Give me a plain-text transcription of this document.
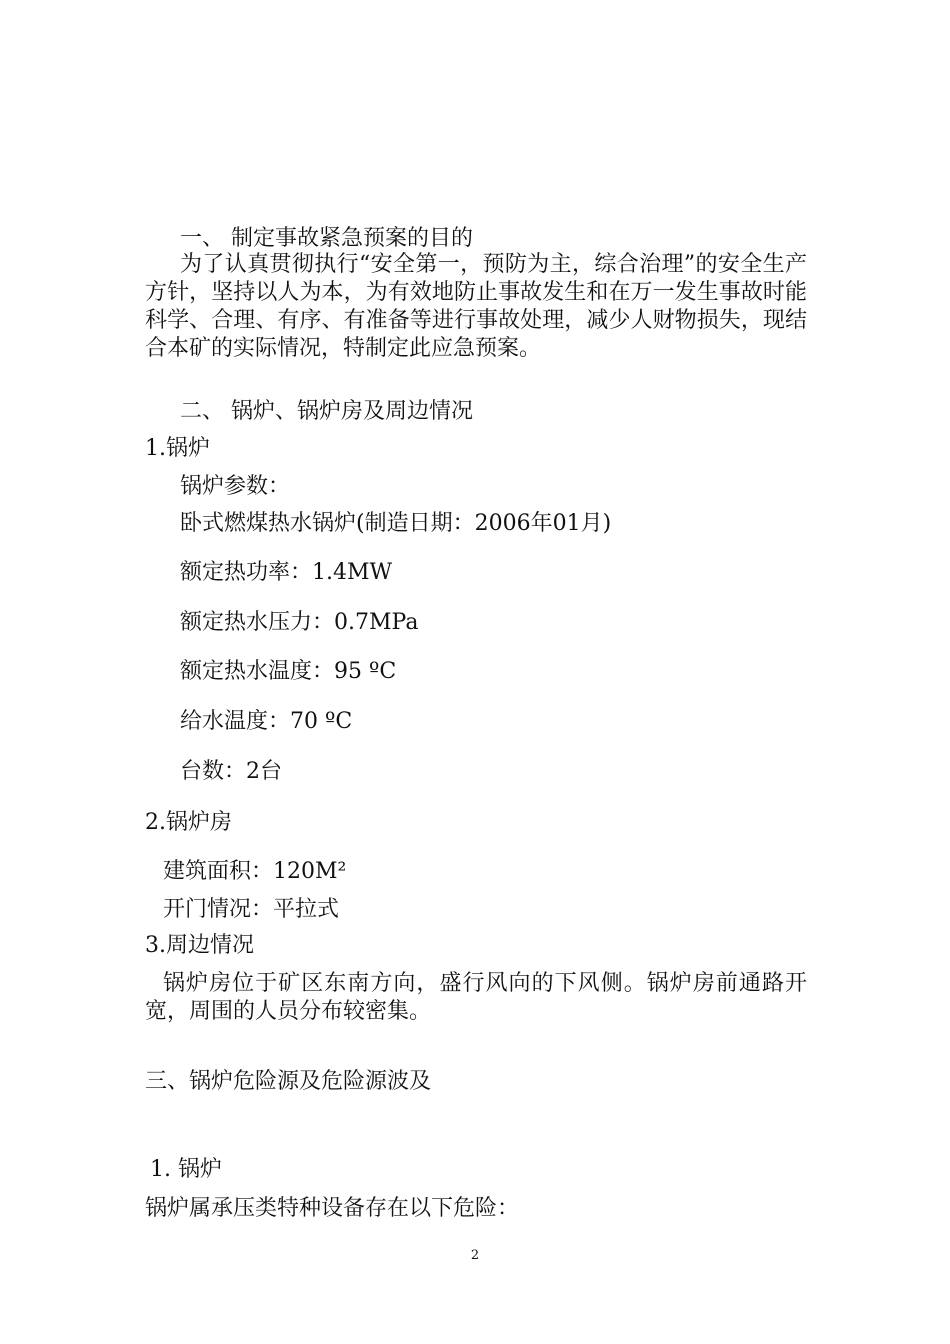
一、 制定事故紧急预案的目的
为了认真贯彻执行“安全第一，预防为主，综合治理”的安全生产方针，坚持以人为本，为有效地防止事故发生和在万一发生事故时能科学、合理、有序、有准备等进行事故处理，减少人财物损失，现结合本矿的实际情况，特制定此应急预案。
二、 锅炉、锅炉房及周边情况
1.锅炉
锅炉参数：
卧式燃煤热水锅炉(制造日期：2006年01月)
额定热功率：1.4MW
额定热水压力：0.7MPa
额定热水温度：95 ºC
给水温度：70 ºC
台数：2台
2.锅炉房
建筑面积：120M²
开门情况：平拉式
3.周边情况
锅炉房位于矿区东南方向，盛行风向的下风侧。锅炉房前通路开宽，周围的人员分布较密集。
三、锅炉危险源及危险源波及
1. 锅炉
锅炉属承压类特种设备存在以下危险：
2
